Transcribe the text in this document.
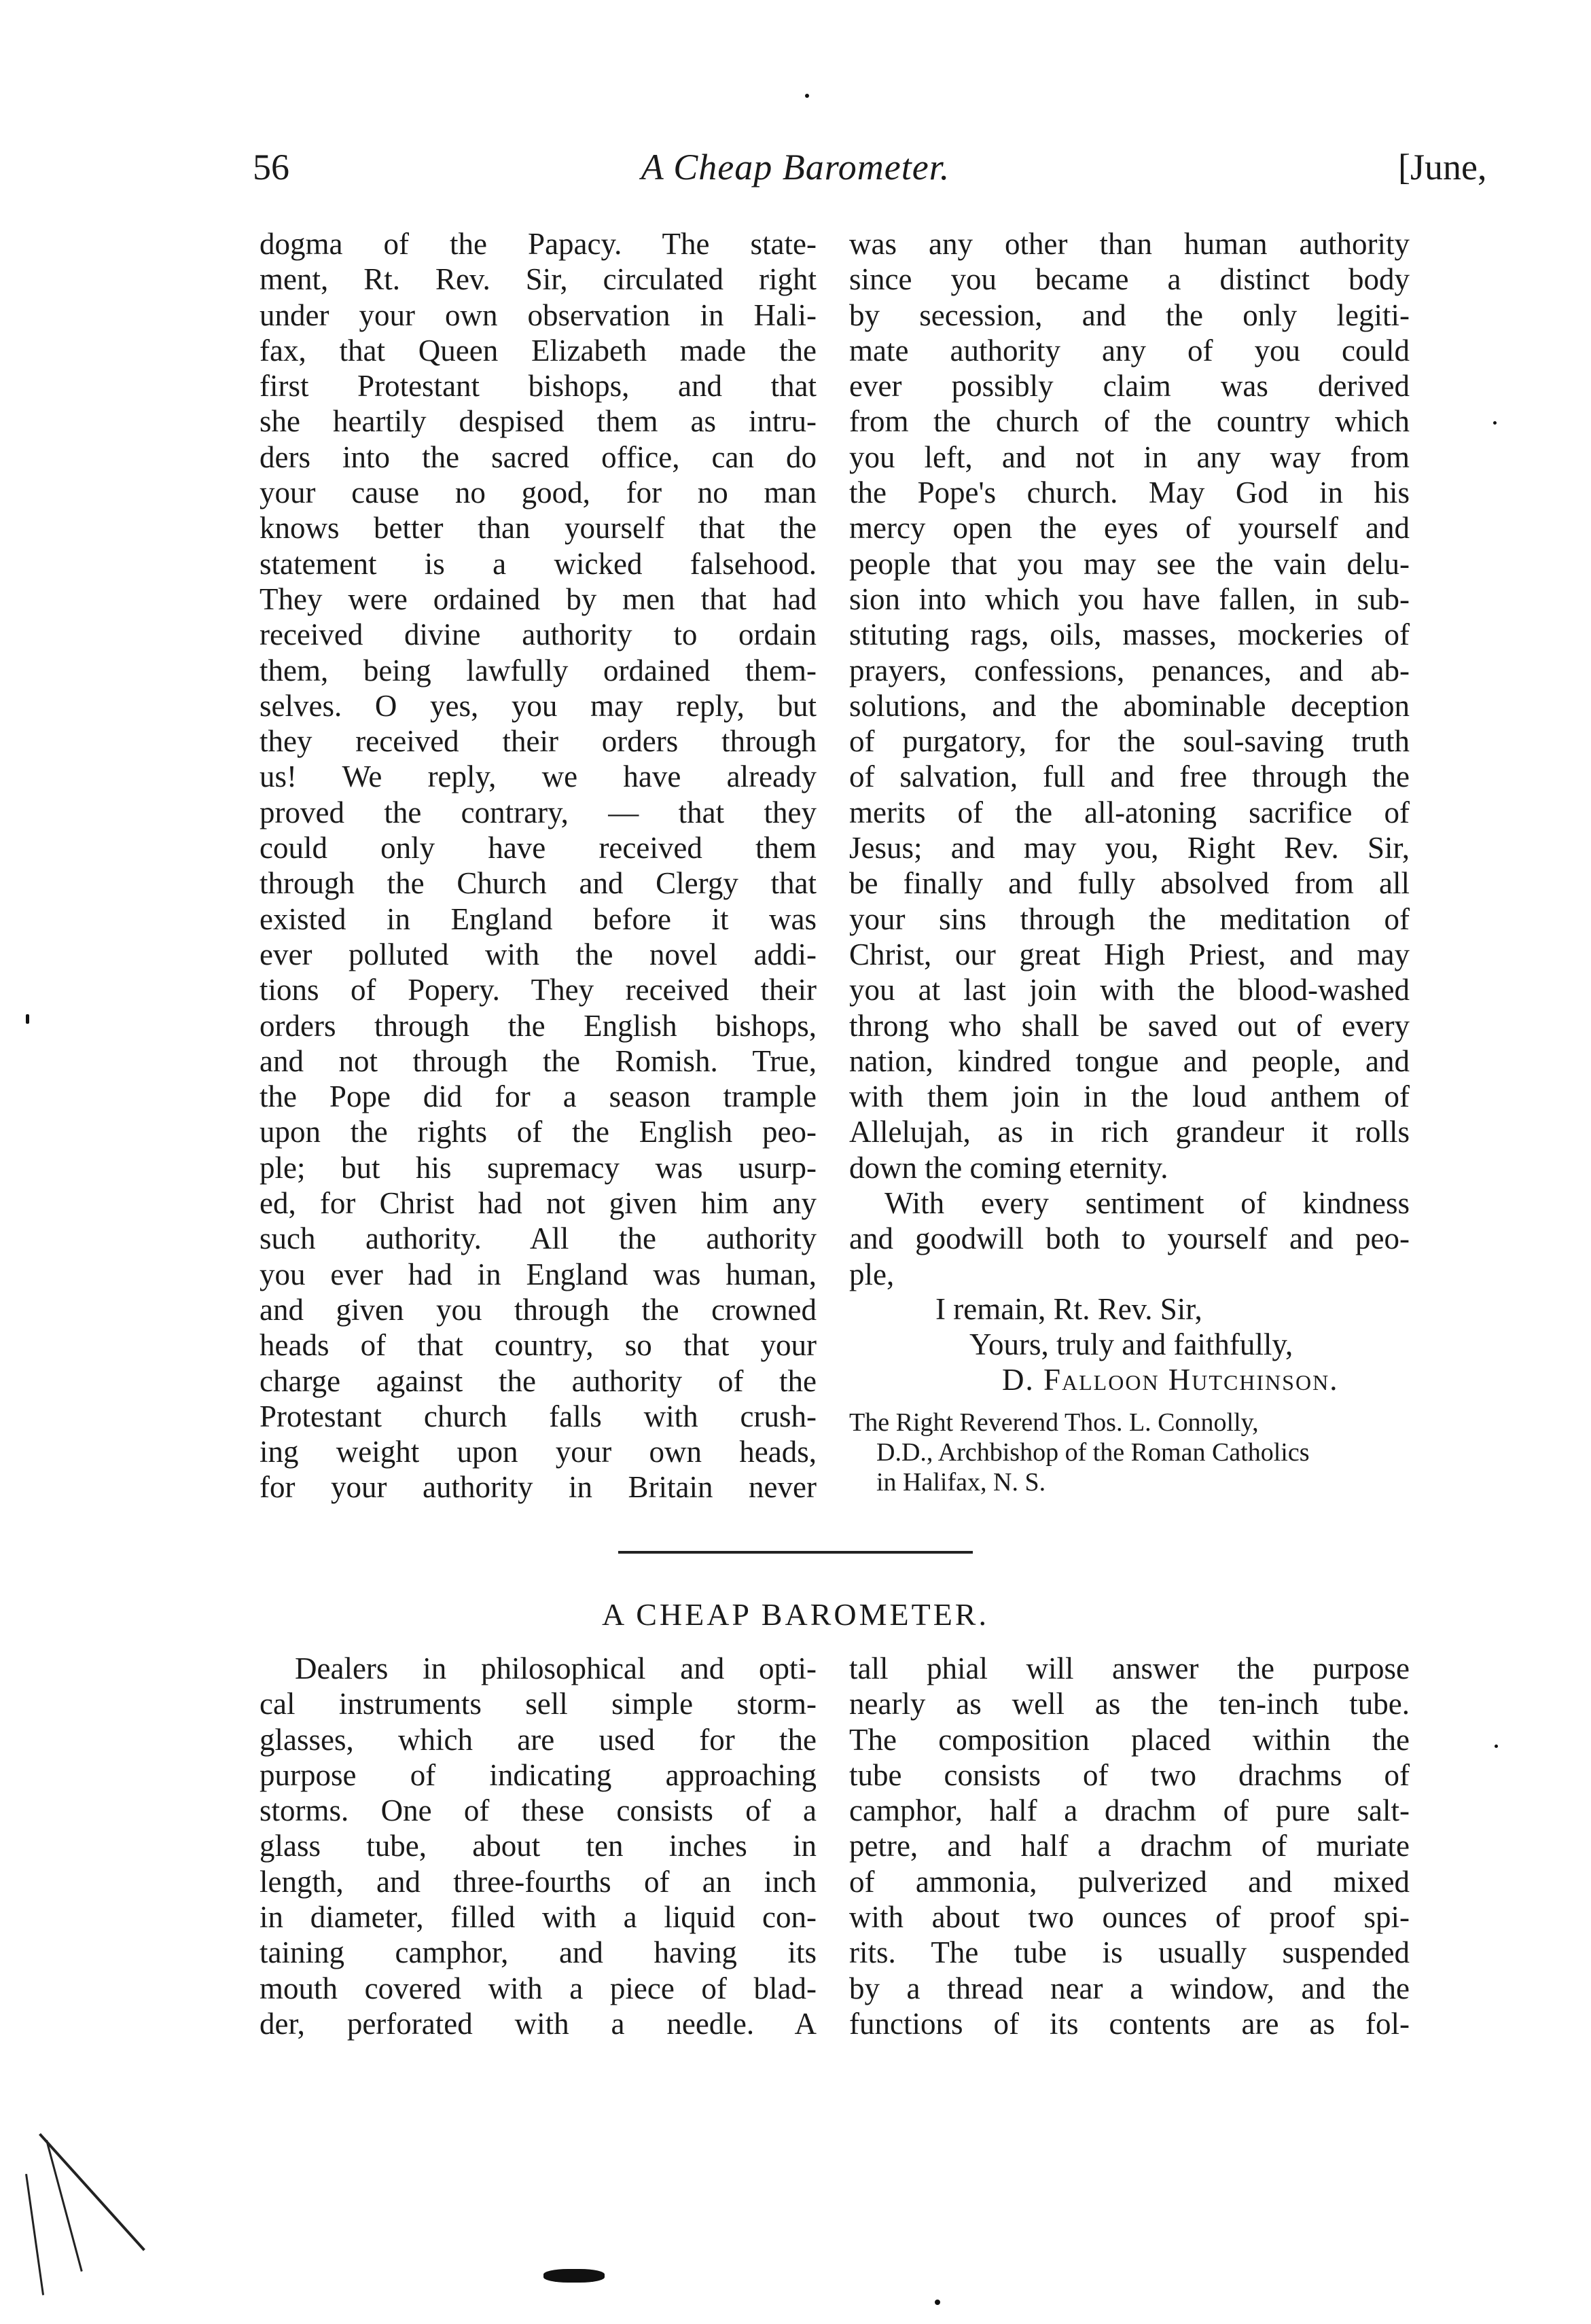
56	A Cheap Barometer.	[June,
dogma of the Papacy. The state-
ment, Rt. Rev. Sir, circulated right
under your own observation in Hali-
fax, that Queen Elizabeth made the
first Protestant bishops, and that
she heartily despised them as intru-
ders into the sacred office, can do
your cause no good, for no man
knows better than yourself that the
statement is a wicked falsehood.
They were ordained by men that had
received divine authority to ordain
them, being lawfully ordained them-
selves. O yes, you may reply, but
they received their orders through
us! We reply, we have already
proved the contrary, — that they
could only have received them
through the Church and Clergy that
existed in England before it was
ever polluted with the novel addi-
tions of Popery. They received their
orders through the English bishops,
and not through the Romish. True,
the Pope did for a season trample
upon the rights of the English peo-
ple; but his supremacy was usurp-
ed, for Christ had not given him any
such authority. All the authority
you ever had in England was human,
and given you through the crowned
heads of that country, so that your
charge against the authority of the
Protestant church falls with crush-
ing weight upon your own heads,
for your authority in Britain never
was any other than human authority
since you became a distinct body
by secession, and the only legiti-
mate authority any of you could
ever possibly claim was derived
from the church of the country which
you left, and not in any way from
the Pope's church. May God in his
mercy open the eyes of yourself and
people that you may see the vain delu-
sion into which you have fallen, in sub-
stituting rags, oils, masses, mockeries of
prayers, confessions, penances, and ab-
solutions, and the abominable deception
of purgatory, for the soul-saving truth
of salvation, full and free through the
merits of the all-atoning sacrifice of
Jesus; and may you, Right Rev. Sir,
be finally and fully absolved from all
your sins through the meditation of
Christ, our great High Priest, and may
you at last join with the blood-washed
throng who shall be saved out of every
nation, kindred tongue and people, and
with them join in the loud anthem of
Allelujah, as in rich grandeur it rolls
down the coming eternity.
With every sentiment of kindness
and goodwill both to yourself and peo-
ple,
I remain, Rt. Rev. Sir,
Yours, truly and faithfully,
D. Falloon Hutchinson.
The Right Reverend Thos. L. Connolly,
D.D., Archbishop of the Roman Catholics
in Halifax, N. S.
A CHEAP BAROMETER.
Dealers in philosophical and opti-
cal instruments sell simple storm-
glasses, which are used for the
purpose of indicating approaching
storms. One of these consists of a
glass tube, about ten inches in
length, and three-fourths of an inch
in diameter, filled with a liquid con-
taining camphor, and having its
mouth covered with a piece of blad-
der, perforated with a needle. A
tall phial will answer the purpose
nearly as well as the ten-inch tube.
The composition placed within the
tube consists of two drachms of
camphor, half a drachm of pure salt-
petre, and half a drachm of muriate
of ammonia, pulverized and mixed
with about two ounces of proof spi-
rits. The tube is usually suspended
by a thread near a window, and the
functions of its contents are as fol-
